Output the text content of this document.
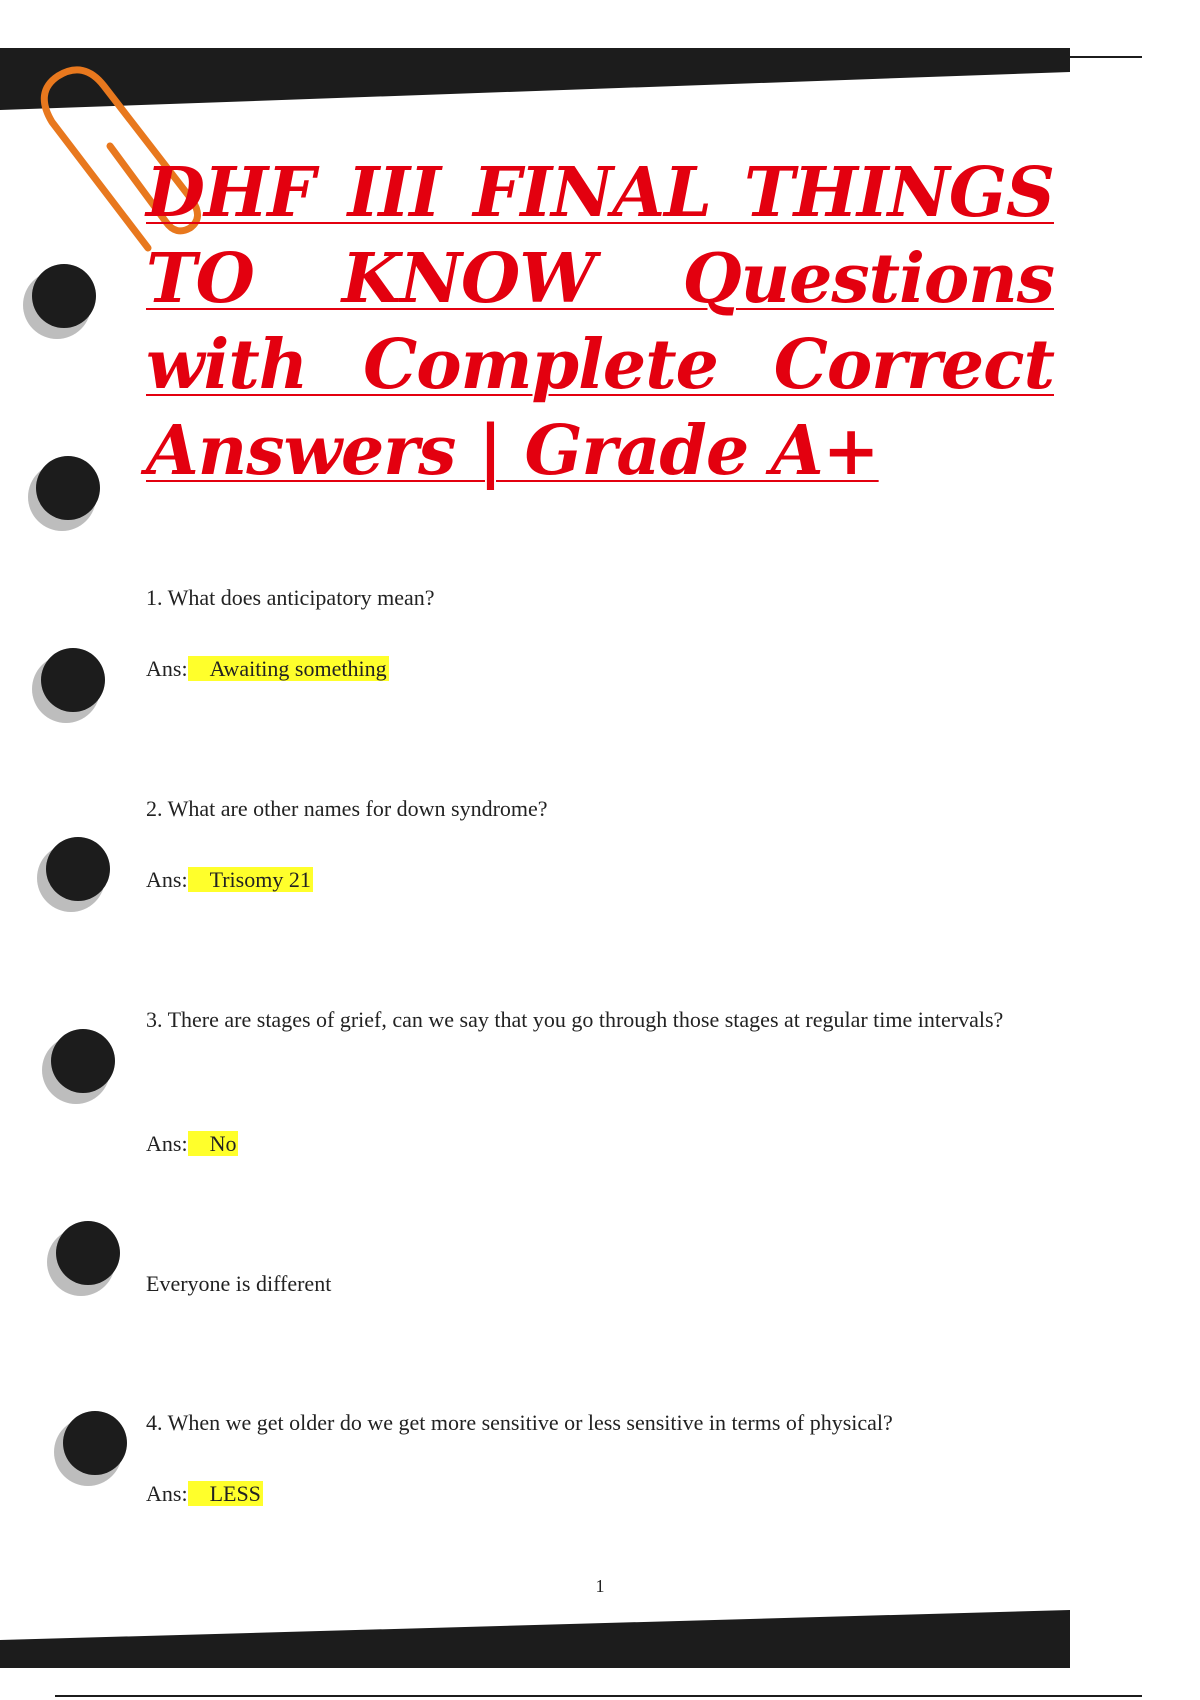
DHF III FINAL THINGS TO KNOW Questions with Complete Correct Answers | Grade A+

1. What does anticipatory mean?

Ans: Awaiting something

2. What are other names for down syndrome?

Ans: Trisomy 21

3. There are stages of grief, can we say that you go through those stages at regular time intervals?

Ans: No

Everyone is different

4. When we get older do we get more sensitive or less sensitive in terms of physical?

Ans: LESS
1
